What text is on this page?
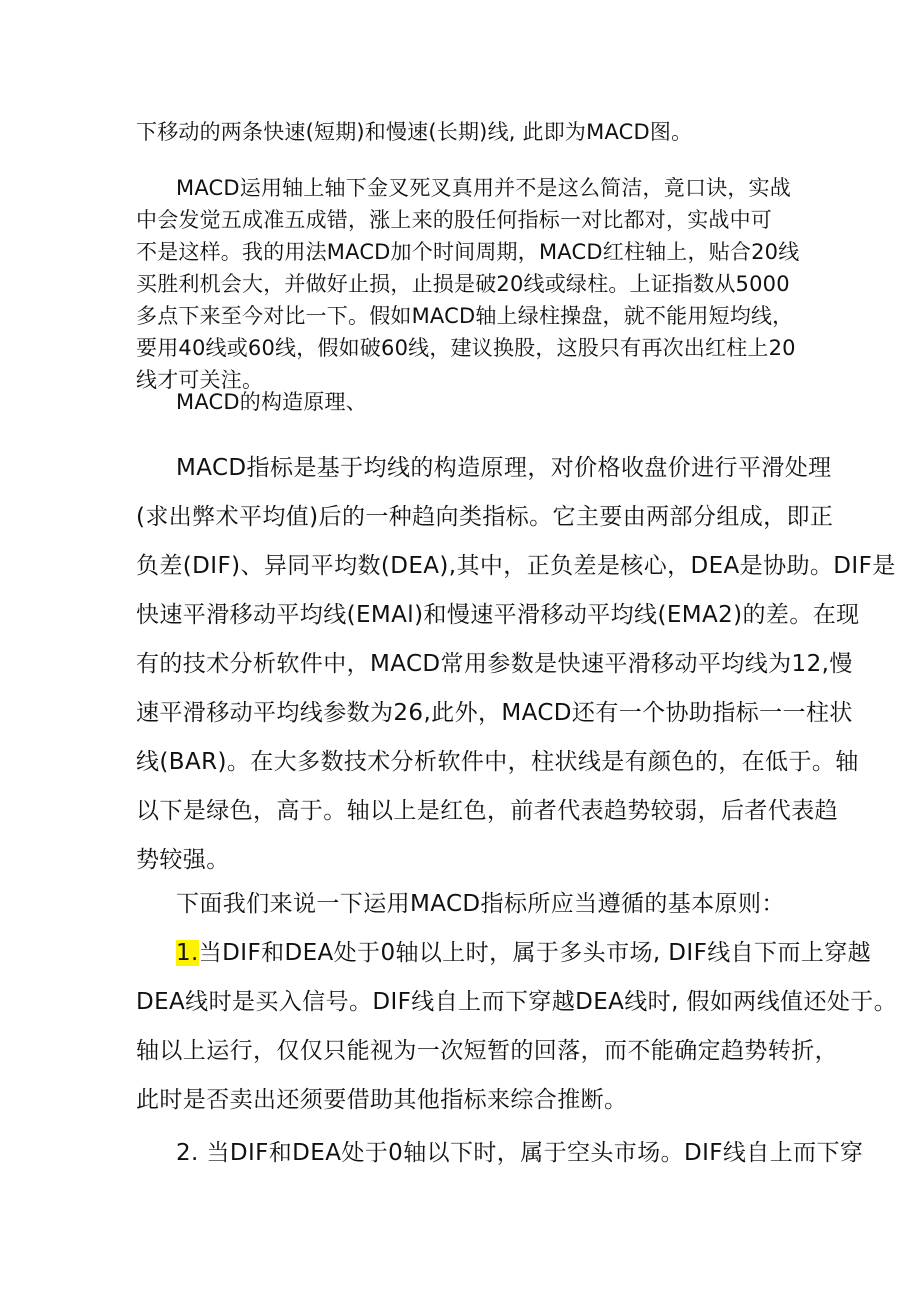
下移动的两条快速(短期)和慢速(长期)线, 此即为MACD图。
MACD运用轴上轴下金叉死叉真用并不是这么简洁，竟口诀，实战
中会发觉五成准五成错，涨上来的股任何指标一对比都对，实战中可
不是这样。我的用法MACD加个时间周期，MACD红柱轴上，贴合20线
买胜利机会大，并做好止损，止损是破20线或绿柱。上证指数从5000
多点下来至今对比一下。假如MACD轴上绿柱操盘，就不能用短均线，
要用40线或60线，假如破60线，建议换股，这股只有再次出红柱上20
线才可关注。
MACD的构造原理、
MACD指标是基于均线的构造原理，对价格收盘价进行平滑处理
(求出弊术平均值)后的一种趋向类指标。它主要由两部分组成，即正
负差(DIF)、异同平均数(DEA),其中，正负差是核心，DEA是协助。DIF是
快速平滑移动平均线(EMAl)和慢速平滑移动平均线(EMA2)的差。在现
有的技术分析软件中，MACD常用参数是快速平滑移动平均线为12,慢
速平滑移动平均线参数为26,此外，MACD还有一个协助指标一一柱状
线(BAR)。在大多数技术分析软件中，柱状线是有颜色的，在低于。轴
以下是绿色，高于。轴以上是红色，前者代表趋势较弱，后者代表趋
势较强。
下面我们来说一下运用MACD指标所应当遵循的基本原则：
1.当DIF和DEA处于0轴以上时，属于多头市场, DIF线自下而上穿越
DEA线时是买入信号。DIF线自上而下穿越DEA线时, 假如两线值还处于。
轴以上运行，仅仅只能视为一次短暂的回落，而不能确定趋势转折，
此时是否卖出还须要借助其他指标来综合推断。
2. 当DIF和DEA处于0轴以下时，属于空头市场。DIF线自上而下穿
